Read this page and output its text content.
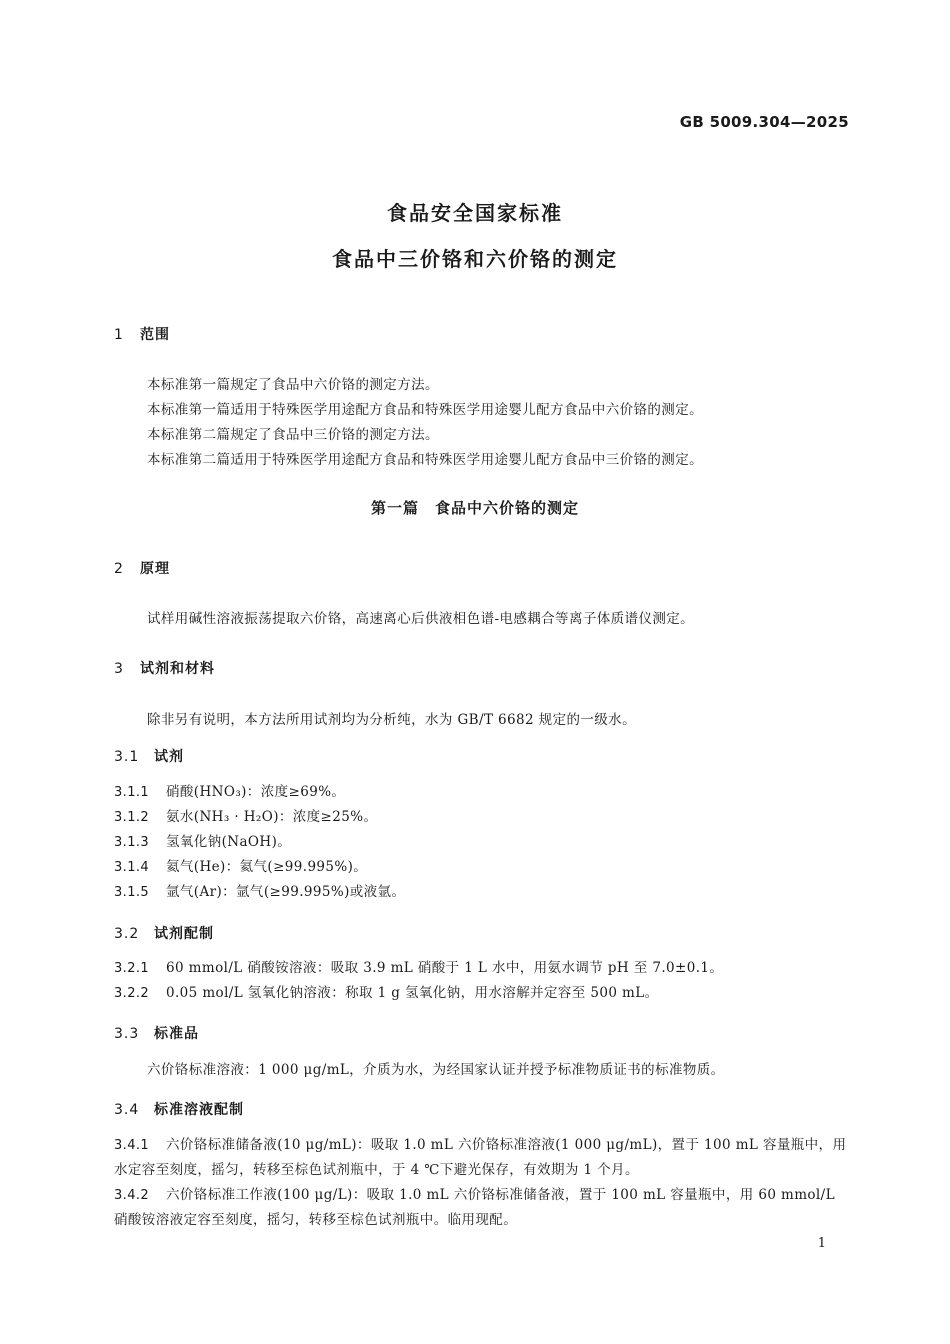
GB 5009.304—2025
食品安全国家标准
食品中三价铬和六价铬的测定
1 范围
本标准第一篇规定了食品中六价铬的测定方法。
本标准第一篇适用于特殊医学用途配方食品和特殊医学用途婴儿配方食品中六价铬的测定。
本标准第二篇规定了食品中三价铬的测定方法。
本标准第二篇适用于特殊医学用途配方食品和特殊医学用途婴儿配方食品中三价铬的测定。
第一篇　食品中六价铬的测定
2 原理
试样用碱性溶液振荡提取六价铬，高速离心后供液相色谱-电感耦合等离子体质谱仪测定。
3 试剂和材料
除非另有说明，本方法所用试剂均为分析纯，水为 GB/T 6682 规定的一级水。
3.1 试剂
3.1.1 硝酸(HNO₃)：浓度≥69%。
3.1.2 氨水(NH₃ · H₂O)：浓度≥25%。
3.1.3 氢氧化钠(NaOH)。
3.1.4 氦气(He)：氦气(≥99.995%)。
3.1.5 氩气(Ar)：氩气(≥99.995%)或液氩。
3.2 试剂配制
3.2.1 60 mmol/L 硝酸铵溶液：吸取 3.9 mL 硝酸于 1 L 水中，用氨水调节 pH 至 7.0±0.1。
3.2.2 0.05 mol/L 氢氧化钠溶液：称取 1 g 氢氧化钠，用水溶解并定容至 500 mL。
3.3 标准品
六价铬标准溶液：1 000 μg/mL，介质为水，为经国家认证并授予标准物质证书的标准物质。
3.4 标准溶液配制
3.4.1 六价铬标准储备液(10 μg/mL)：吸取 1.0 mL 六价铬标准溶液(1 000 μg/mL)，置于 100 mL 容量瓶中，用水定容至刻度，摇匀，转移至棕色试剂瓶中，于 4 ℃下避光保存，有效期为 1 个月。
3.4.2 六价铬标准工作液(100 μg/L)：吸取 1.0 mL 六价铬标准储备液，置于 100 mL 容量瓶中，用 60 mmol/L 硝酸铵溶液定容至刻度，摇匀，转移至棕色试剂瓶中。临用现配。
1
